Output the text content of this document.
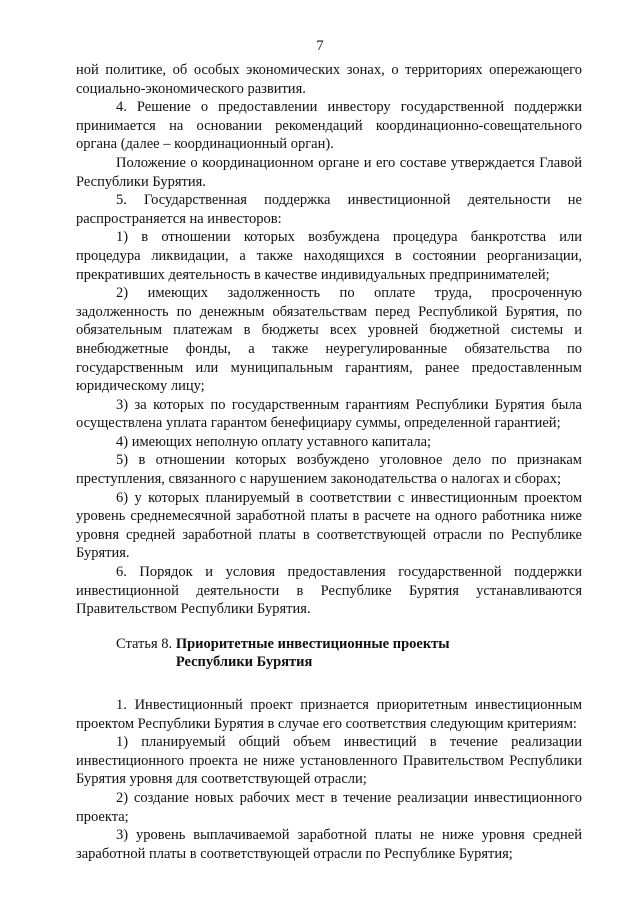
7

ной политике, об особых экономических зонах, о территориях опережающего социально-экономического развития.

4. Решение о предоставлении инвестору государственной поддержки принимается на основании рекомендаций координационно-совещательного органа (далее – координационный орган).

Положение о координационном органе и его составе утверждается Главой Республики Бурятия.

5. Государственная поддержка инвестиционной деятельности не распространяется на инвесторов:

1) в отношении которых возбуждена процедура банкротства или процедура ликвидации, а также находящихся в состоянии реорганизации, прекративших деятельность в качестве индивидуальных предпринимателей;

2) имеющих задолженность по оплате труда, просроченную задолженность по денежным обязательствам перед Республикой Бурятия, по обязательным платежам в бюджеты всех уровней бюджетной системы и внебюджетные фонды, а также неурегулированные обязательства по государственным или муниципальным гарантиям, ранее предоставленным юридическому лицу;

3) за которых по государственным гарантиям Республики Бурятия была осуществлена уплата гарантом бенефициару суммы, определенной гарантией;

4) имеющих неполную оплату уставного капитала;

5) в отношении которых возбуждено уголовное дело по признакам преступления, связанного с нарушением законодательства о налогах и сборах;

6) у которых планируемый в соответствии с инвестиционным проектом уровень среднемесячной заработной платы в расчете на одного работника ниже уровня средней заработной платы в соответствующей отрасли по Республике Бурятия.

6. Порядок и условия предоставления государственной поддержки инвестиционной деятельности в Республике Бурятия устанавливаются Правительством Республики Бурятия.

Статья 8. Приоритетные инвестиционные проекты
Республики Бурятия

1. Инвестиционный проект признается приоритетным инвестиционным проектом Республики Бурятия в случае его соответствия следующим критериям:

1) планируемый общий объем инвестиций в течение реализации инвестиционного проекта не ниже установленного Правительством Республики Бурятия уровня для соответствующей отрасли;

2) создание новых рабочих мест в течение реализации инвестиционного проекта;

3) уровень выплачиваемой заработной платы не ниже уровня средней заработной платы в соответствующей отрасли по Республике Бурятия;
